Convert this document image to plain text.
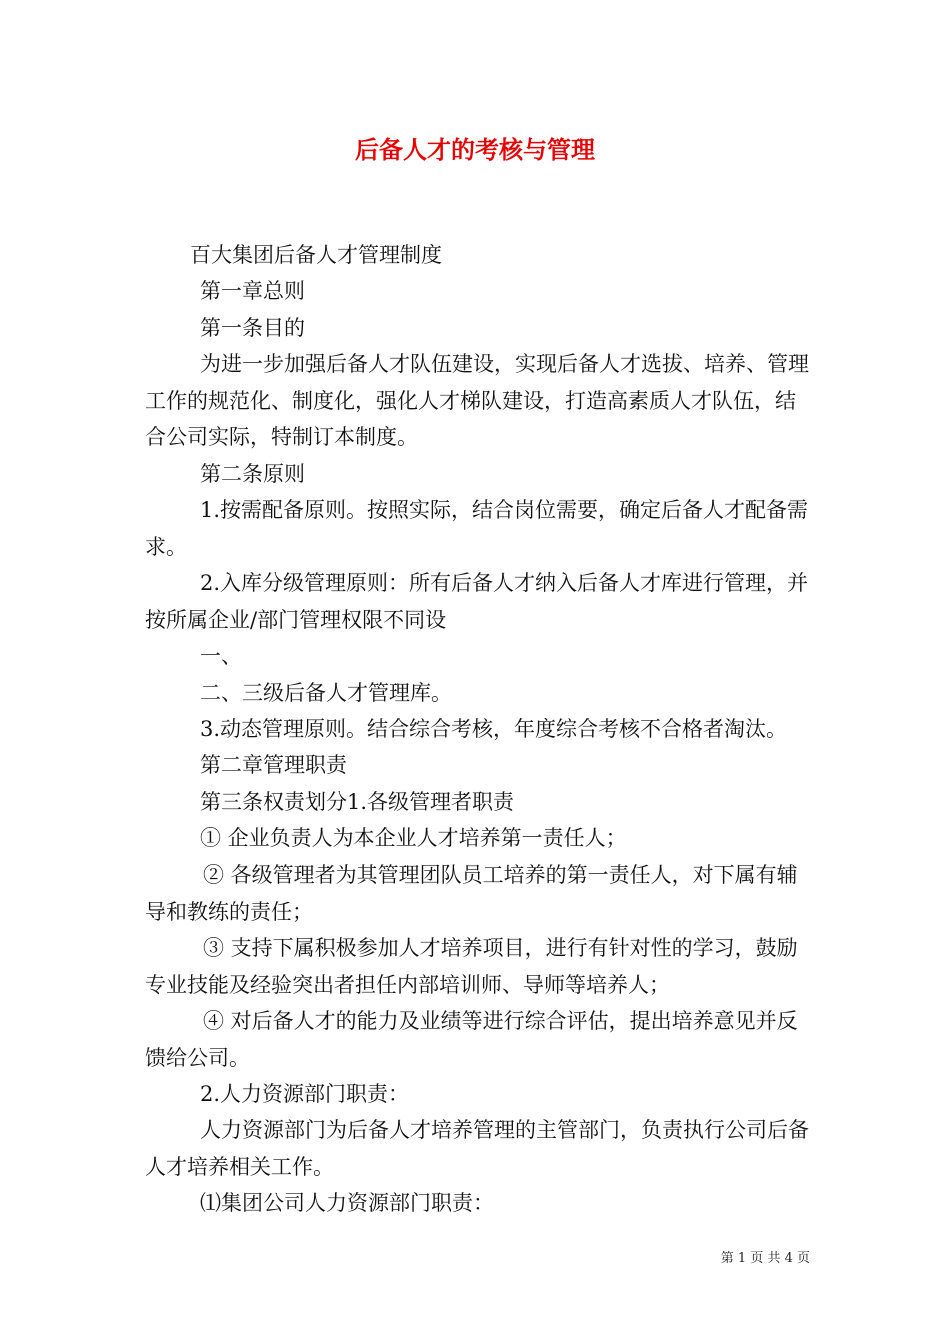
后备人才的考核与管理

百大集团后备人才管理制度

第一章总则

第一条目的

为进一步加强后备人才队伍建设，实现后备人才选拔、培养、管理工作的规范化、制度化，强化人才梯队建设，打造高素质人才队伍，结合公司实际，特制订本制度。

第二条原则

1.按需配备原则。按照实际，结合岗位需要，确定后备人才配备需求。

2.入库分级管理原则：所有后备人才纳入后备人才库进行管理，并按所属企业/部门管理权限不同设

一、

二、三级后备人才管理库。

3.动态管理原则。结合综合考核，年度综合考核不合格者淘汰。

第二章管理职责

第三条权责划分1.各级管理者职责

① 企业负责人为本企业人才培养第一责任人；

② 各级管理者为其管理团队员工培养的第一责任人，对下属有辅导和教练的责任；

③ 支持下属积极参加人才培养项目，进行有针对性的学习，鼓励专业技能及经验突出者担任内部培训师、导师等培养人；

④ 对后备人才的能力及业绩等进行综合评估，提出培养意见并反馈给公司。

2.人力资源部门职责：

人力资源部门为后备人才培养管理的主管部门，负责执行公司后备人才培养相关工作。

⑴集团公司人力资源部门职责：

第 1 页 共 4 页
